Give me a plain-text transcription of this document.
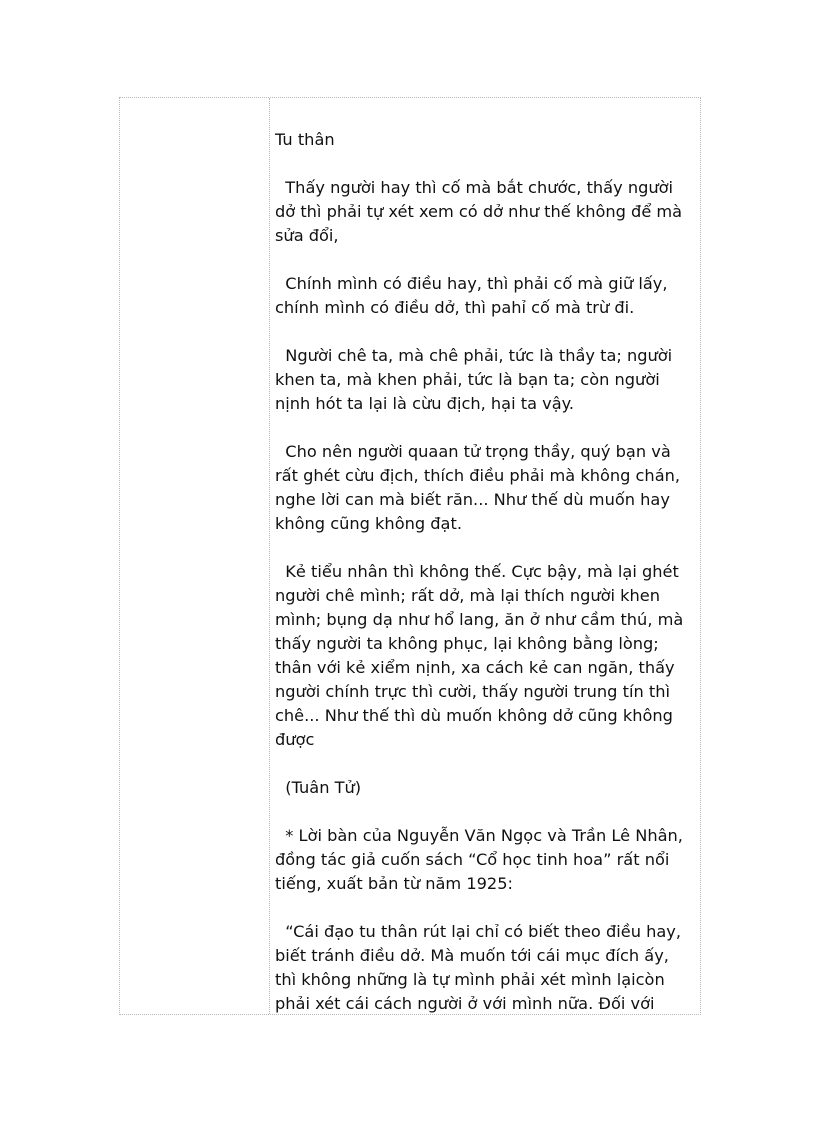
Tu thân

Thấy người hay thì cố mà bắt chước, thấy người dở thì phải tự xét xem có dở như thế không để mà sửa đổi,

Chính mình có điều hay, thì phải cố mà giữ lấy, chính mình có điều dở, thì pahỉ cố mà trừ đi.

Người chê ta, mà chê phải, tức là thầy ta; người khen ta, mà khen phải, tức là bạn ta; còn người nịnh hót ta lại là cừu địch, hại ta vậy.

Cho nên người quaan tử trọng thầy, quý bạn và rất ghét cừu địch, thích điều phải mà không chán, nghe lời can mà biết răn... Như thế dù muốn hay không cũng không đạt.

Kẻ tiểu nhân thì không thế. Cực bậy, mà lại ghét người chê mình; rất dở, mà lại thích người khen mình; bụng dạ như hổ lang, ăn ở như cầm thú, mà thấy người ta không phục, lại không bằng lòng; thân với kẻ xiểm nịnh, xa cách kẻ can ngăn, thấy người chính trực thì cười, thấy người trung tín thì chê... Như thế thì dù muốn không dở cũng không được

(Tuân Tử)

* Lời bàn của Nguyễn Văn Ngọc và Trần Lê Nhân, đồng tác giả cuốn sách “Cổ học tinh hoa” rất nổi tiếng, xuất bản từ năm 1925:

“Cái đạo tu thân rút lại chỉ có biết theo điều hay, biết tránh điều dở. Mà muốn tới cái mục đích ấy, thì không những là tự mình phải xét mình lạicòn phải xét cái cách người ở với mình nữa. Đối với
